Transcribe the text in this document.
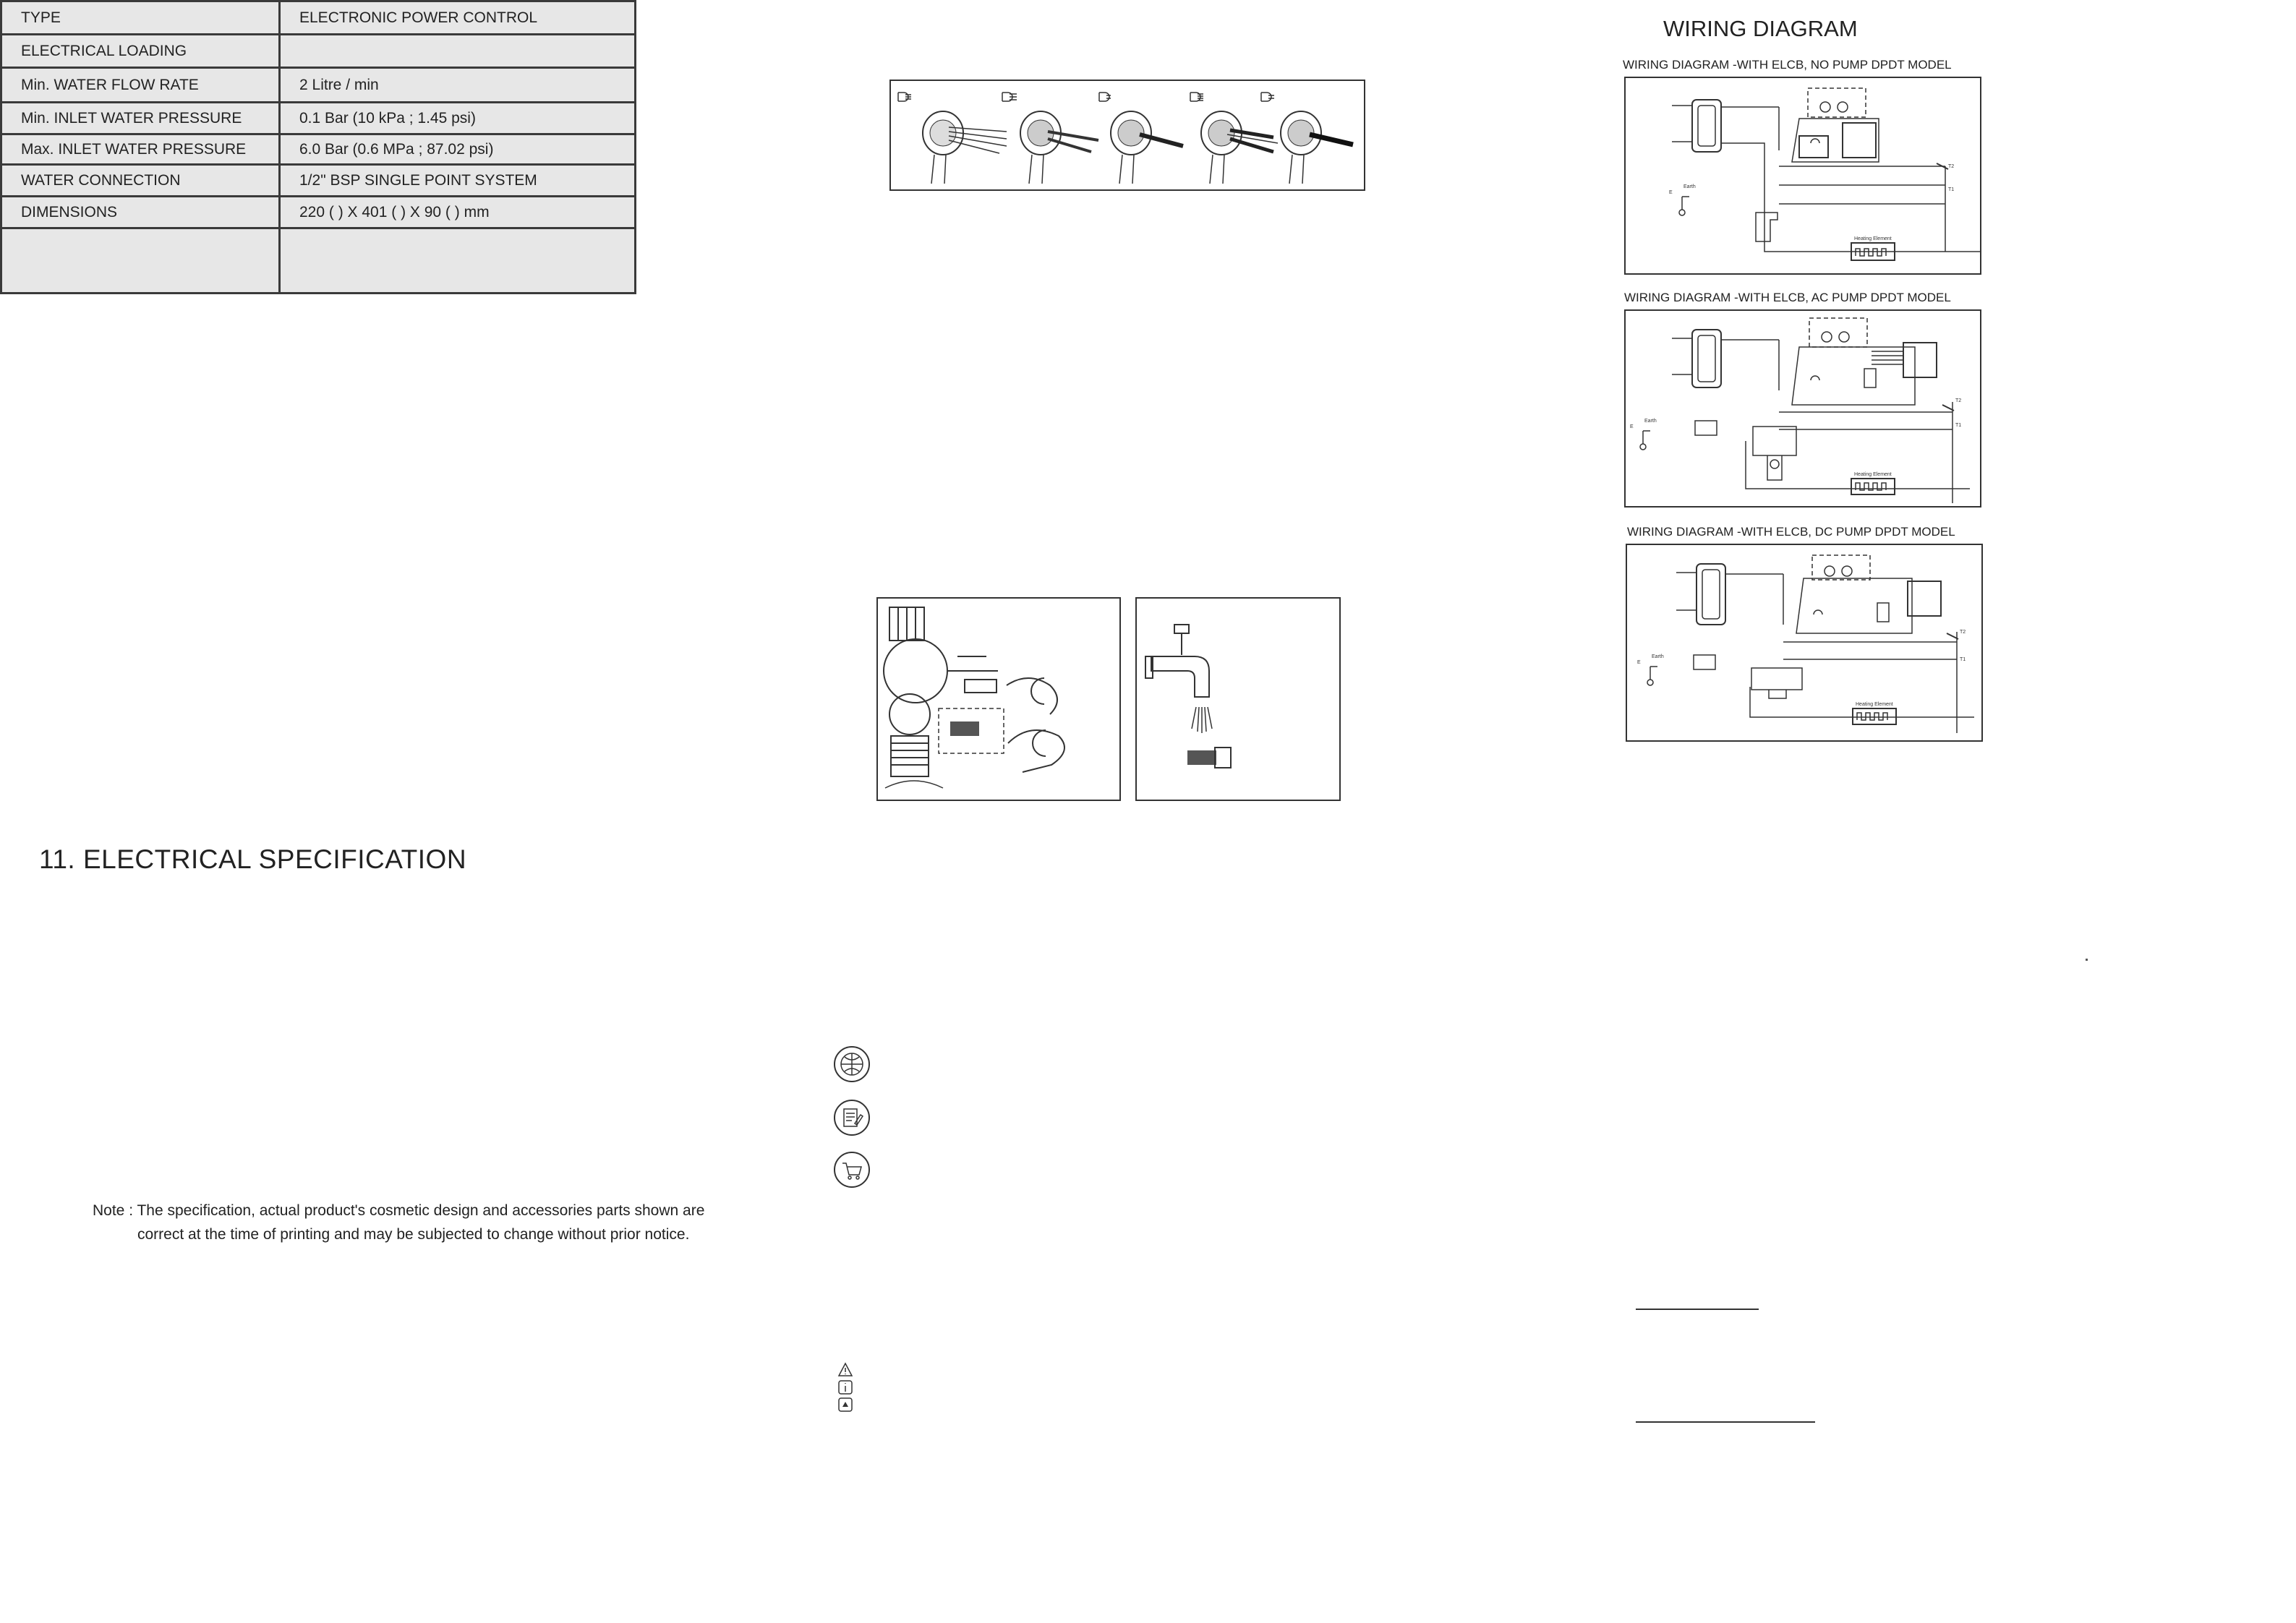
11. ELECTRICAL SPECIFICATION
TYPE	ELECTRONIC POWER CONTROL
ELECTRICAL LOADING	
Min. WATER FLOW RATE	2 Litre / min
Min. INLET WATER PRESSURE	0.1 Bar (10 kPa ; 1.45 psi)
Max. INLET WATER PRESSURE	6.0 Bar (0.6 MPa ; 87.02 psi)
WATER CONNECTION	1/2" BSP SINGLE POINT SYSTEM
DIMENSIONS	220 ( ) X 401 ( ) X 90 ( ) mm

Note : The specification, actual product's cosmetic design and accessories parts shown are
correct at the time of printing and may be subjected to change without prior notice.
WIRING DIAGRAM
WIRING DIAGRAM -WITH ELCB, NO PUMP DPDT MODEL
WIRING DIAGRAM -WITH ELCB, AC PUMP DPDT MODEL
WIRING DIAGRAM -WITH ELCB, DC PUMP DPDT MODEL
T2
T1
E
Earth
Heating Element
T2
T1
E
Earth
Heating Element
T2
T1
E
Earth
Heating Element
